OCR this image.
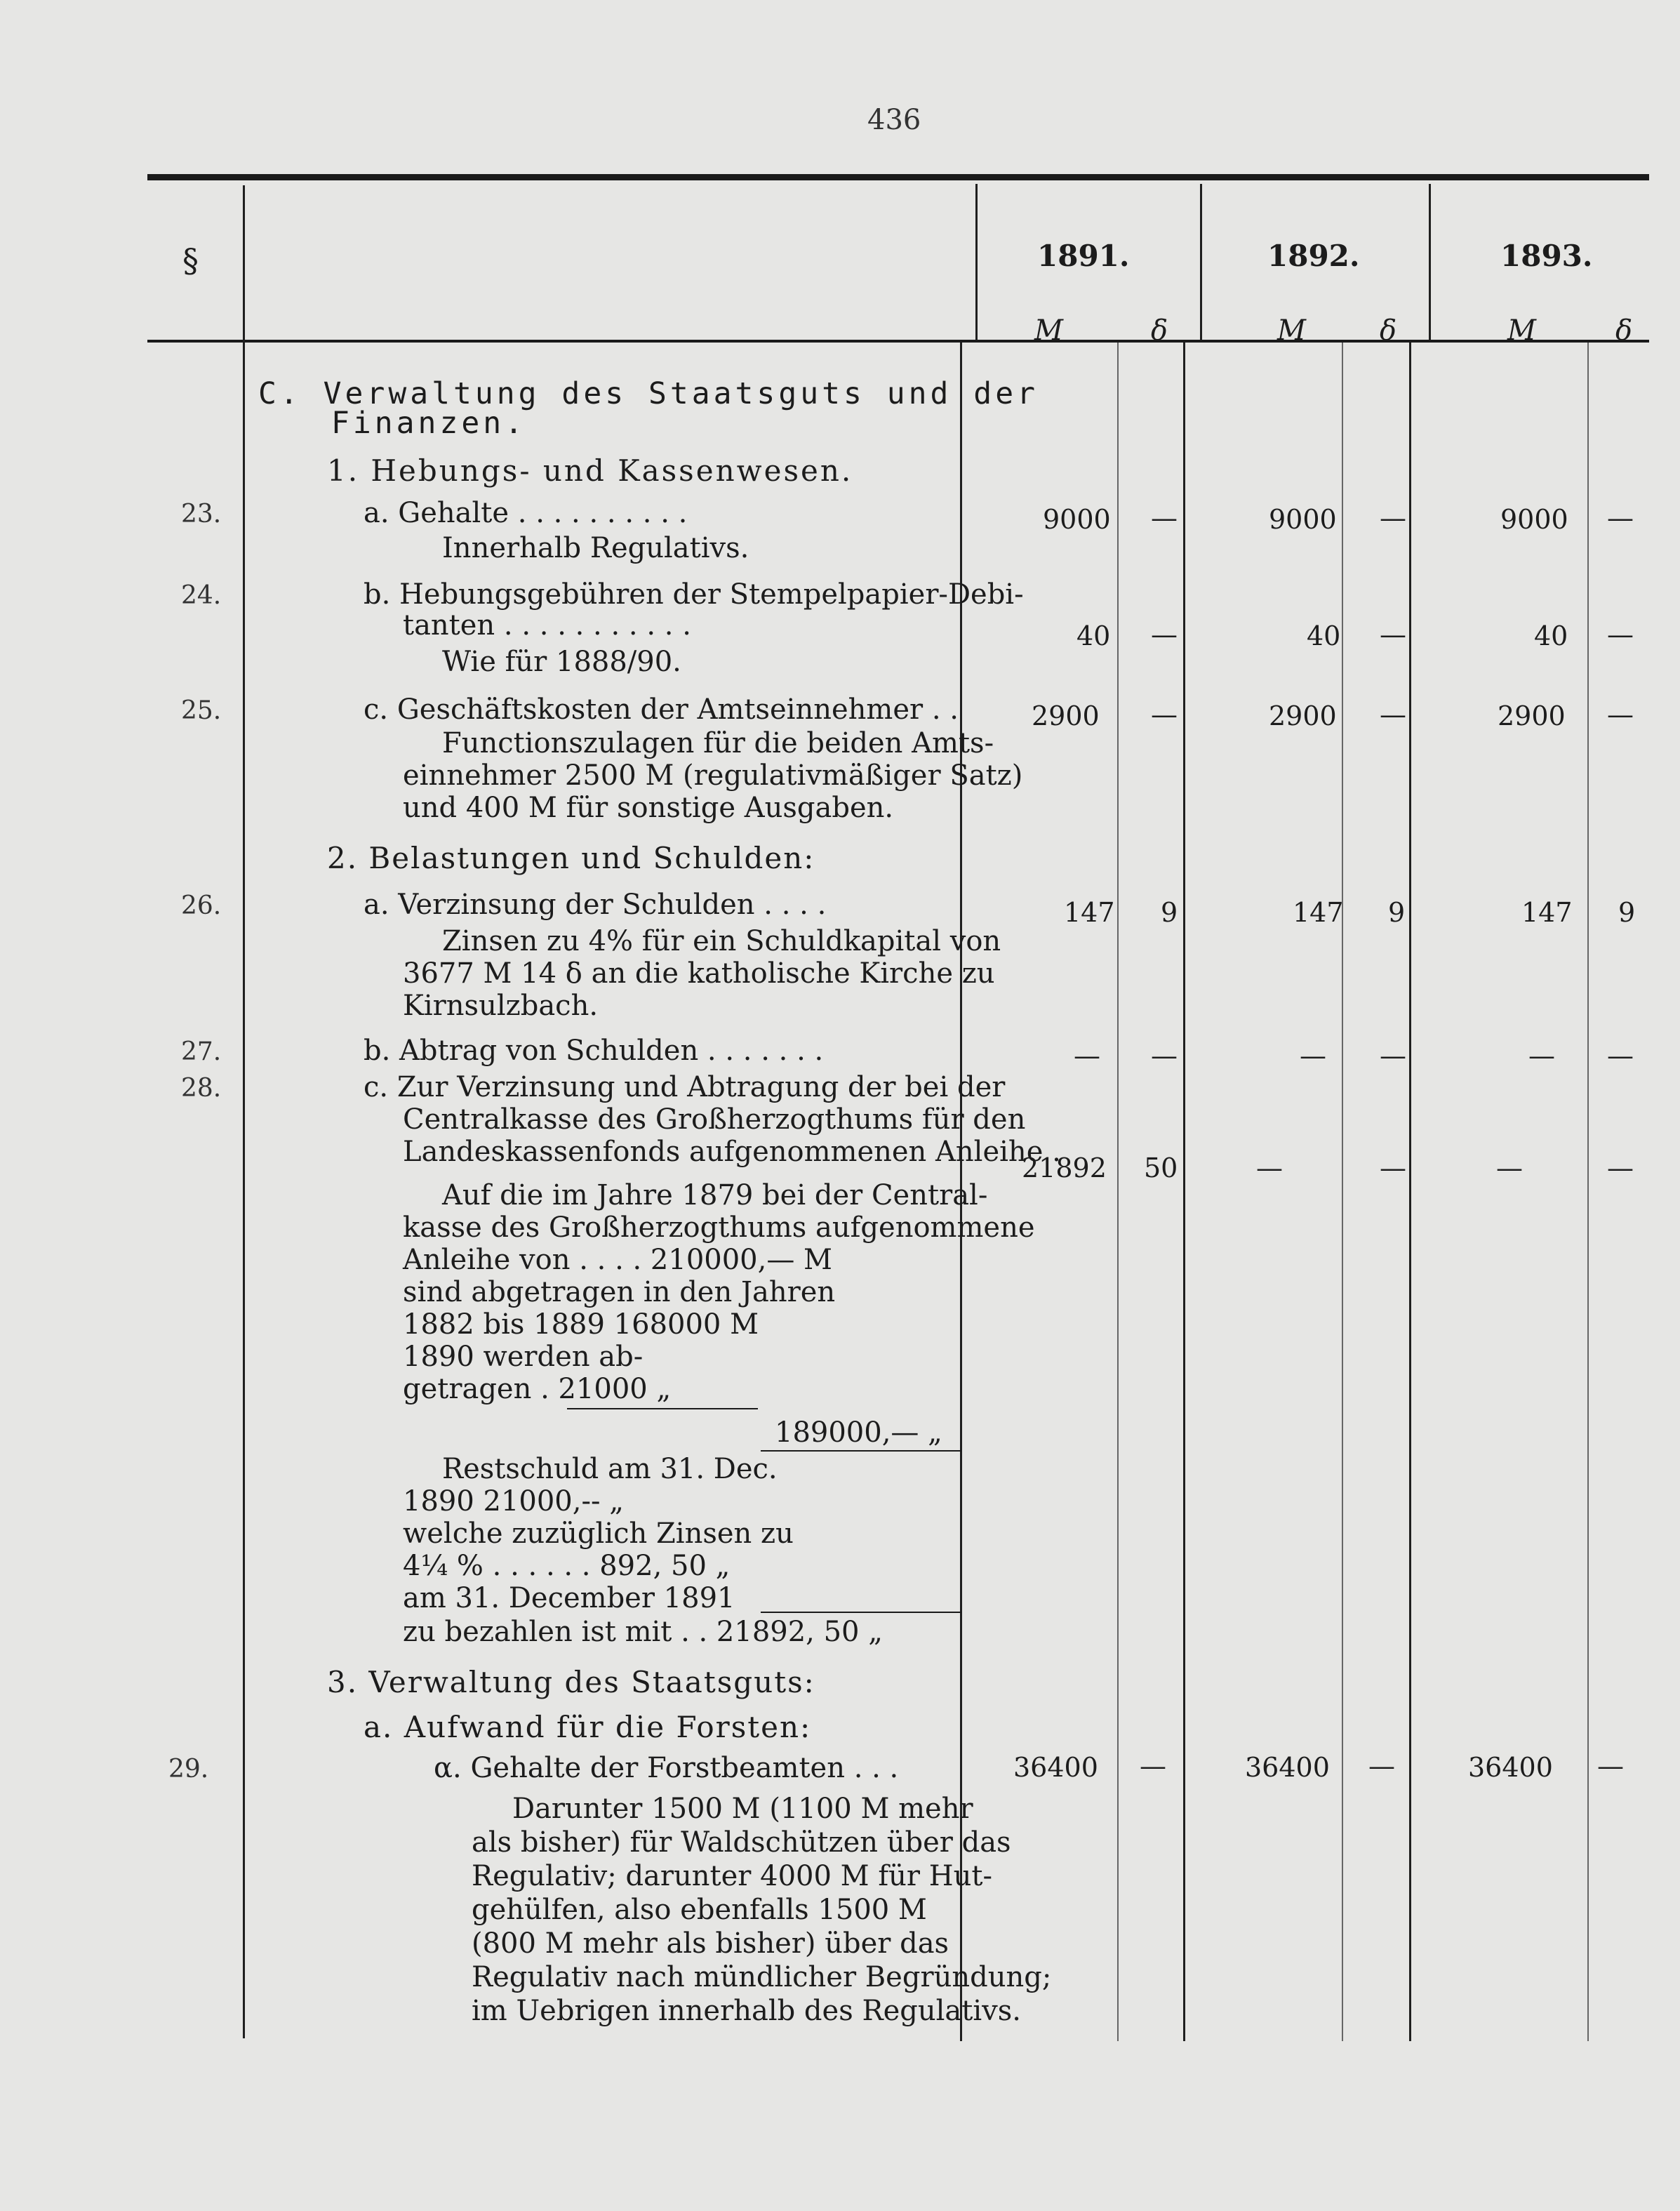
436
§	1891.	1892.	1893.
M	δ	M	δ	M	δ
C. Verwaltung des Staatsguts und der
Finanzen.
1. Hebungs- und Kassenwesen.
23.	a. Gehalte . . . . . . . . . .
Innerhalb Regulativs.
9000 —	9000 —	9000 —
24.	b. Hebungsgebühren der Stempelpapier-Debi-
tanten . . . . . . . . . . .
Wie für 1888/90.
40 —	40 —	40 —
25.	c. Geschäftskosten der Amtseinnehmer . .
Functionszulagen für die beiden Amts-
einnehmer 2500 M (regulativmäßiger Satz)
und 400 M für sonstige Ausgaben.
2900 —	2900 —	2900 —
2. Belastungen und Schulden:
26.	a. Verzinsung der Schulden . . . .
Zinsen zu 4% für ein Schuldkapital von
3677 M 14 δ an die katholische Kirche zu
Kirnsulzbach.
147 9	147 9	147 9
27.	b. Abtrag von Schulden . . . . . . .	— —	— —	— —
28.	c. Zur Verzinsung und Abtragung der bei der
Centralkasse des Großherzogthums für den
Landeskassenfonds aufgenommenen Anleihe .
21892 50	—	—	—	—
Auf die im Jahre 1879 bei der Central-
kasse des Großherzogthums aufgenommene
Anleihe von . . . . 210000,— M
sind abgetragen in den Jahren
1882 bis 1889 168000 M
1890 werden ab-
getragen . 21000 „
189000,— „
Restschuld am 31. Dec.
1890 21000,-- „
welche zuzüglich Zinsen zu
4¼ % . . . . . . 892, 50 „
am 31. December 1891
zu bezahlen ist mit . . 21892, 50 „
3. Verwaltung des Staatsguts:
a. Aufwand für die Forsten:
29.	α. Gehalte der Forstbeamten . . .	36400 —	36400 —	36400 —
Darunter 1500 M (1100 M mehr
als bisher) für Waldschützen über das
Regulativ; darunter 4000 M für Hut-
gehülfen, also ebenfalls 1500 M
(800 M mehr als bisher) über das
Regulativ nach mündlicher Begründung;
im Uebrigen innerhalb des Regulativs.
